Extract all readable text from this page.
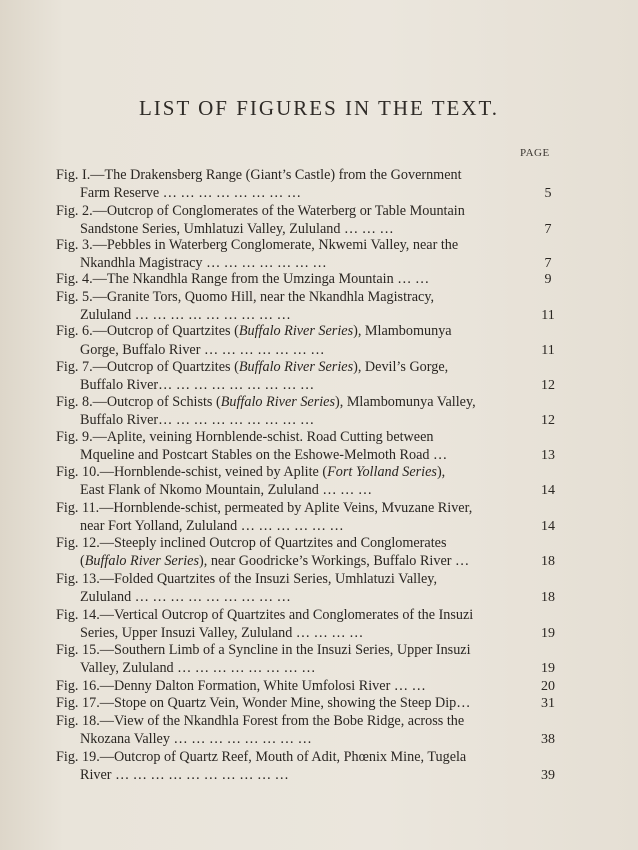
LIST OF FIGURES IN THE TEXT.
PAGE
Fig. I.—The Drakensberg Range (Giant’s Castle) from the Government
Farm Reserve … … … … … … … …	5
Fig. 2.—Outcrop of Conglomerates of the Waterberg or Table Mountain
Sandstone Series, Umhlatuzi Valley, Zululand … … …	7
Fig. 3.—Pebbles in Waterberg Conglomerate, Nkwemi Valley, near the
Nkandhla Magistracy … … … … … … …	7
Fig. 4.—The Nkandhla Range from the Umzinga Mountain … …	9
Fig. 5.—Granite Tors, Quomo Hill, near the Nkandhla Magistracy,
Zululand … … … … … … … … …	11
Fig. 6.—Outcrop of Quartzites ( Buffalo River Series ), Mlambomunya
Gorge, Buffalo River … … … … … … …	11
Fig. 7.—Outcrop of Quartzites ( Buffalo River Series ), Devil’s Gorge,
Buffalo River… … … … … … … … …	12
Fig. 8.—Outcrop of Schists ( Buffalo River Series ), Mlambomunya Valley,
Buffalo River… … … … … … … … …	12
Fig. 9.—Aplite, veining Hornblende-schist. Road Cutting between
Mqueline and Postcart Stables on the Eshowe-Melmoth Road …	13
Fig. 10.—Hornblende-schist, veined by Aplite ( Fort Yolland Series ),
East Flank of Nkomo Mountain, Zululand … … …	14
Fig. 11.—Hornblende-schist, permeated by Aplite Veins, Mvuzane River,
near Fort Yolland, Zululand … … … … … …	14
Fig. 12.—Steeply inclined Outcrop of Quartzites and Conglomerates
( Buffalo River Series ), near Goodricke’s Workings, Buffalo River …	18
Fig. 13.—Folded Quartzites of the Insuzi Series, Umhlatuzi Valley,
Zululand … … … … … … … … …	18
Fig. 14.—Vertical Outcrop of Quartzites and Conglomerates of the Insuzi
Series, Upper Insuzi Valley, Zululand … … … …	19
Fig. 15.—Southern Limb of a Syncline in the Insuzi Series, Upper Insuzi
Valley, Zululand … … … … … … … …	19
Fig. 16.—Denny Dalton Formation, White Umfolosi River … …	20
Fig. 17.—Stope on Quartz Vein, Wonder Mine, showing the Steep Dip…	31
Fig. 18.—View of the Nkandhla Forest from the Bobe Ridge, across the
Nkozana Valley … … … … … … … …	38
Fig. 19.—Outcrop of Quartz Reef, Mouth of Adit, Phœnix Mine, Tugela
River … … … … … … … … … …	39
